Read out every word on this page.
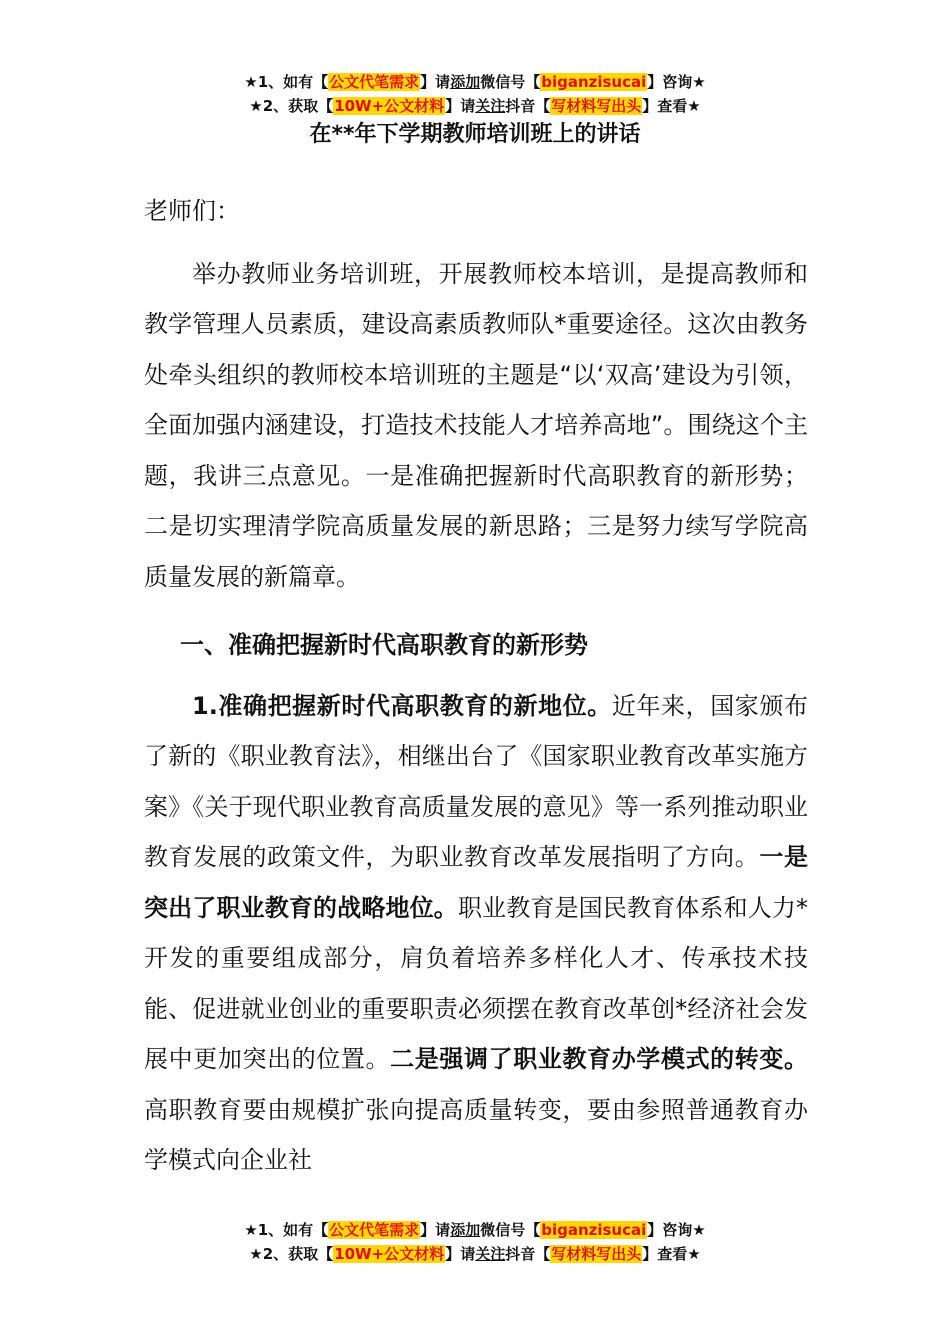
★1、如有【公文代笔需求】请添加微信号【biganzisucai】咨询★
★2、获取【10W+公文材料】请关注抖音【写材料写出头】查看★
在**年下学期教师培训班上的讲话

老师们：

举办教师业务培训班，开展教师校本培训，是提高教师和教学管理人员素质，建设高素质教师队*重要途径。这次由教务处牵头组织的教师校本培训班的主题是“以‘双高’建设为引领，全面加强内涵建设，打造技术技能人才培养高地”。围绕这个主题，我讲三点意见。一是准确把握新时代高职教育的新形势；二是切实理清学院高质量发展的新思路；三是努力续写学院高质量发展的新篇章。

一、准确把握新时代高职教育的新形势

1.准确把握新时代高职教育的新地位。近年来，国家颁布了新的《职业教育法》，相继出台了《国家职业教育改革实施方案》《关于现代职业教育高质量发展的意见》等一系列推动职业教育发展的政策文件，为职业教育改革发展指明了方向。一是突出了职业教育的战略地位。职业教育是国民教育体系和人力*开发的重要组成部分，肩负着培养多样化人才、传承技术技能、促进就业创业的重要职责必须摆在教育改革创*经济社会发展中更加突出的位置。二是强调了职业教育办学模式的转变。高职教育要由规模扩张向提高质量转变，要由参照普通教育办学模式向企业社

★1、如有【公文代笔需求】请添加微信号【biganzisucai】咨询★
★2、获取【10W+公文材料】请关注抖音【写材料写出头】查看★
